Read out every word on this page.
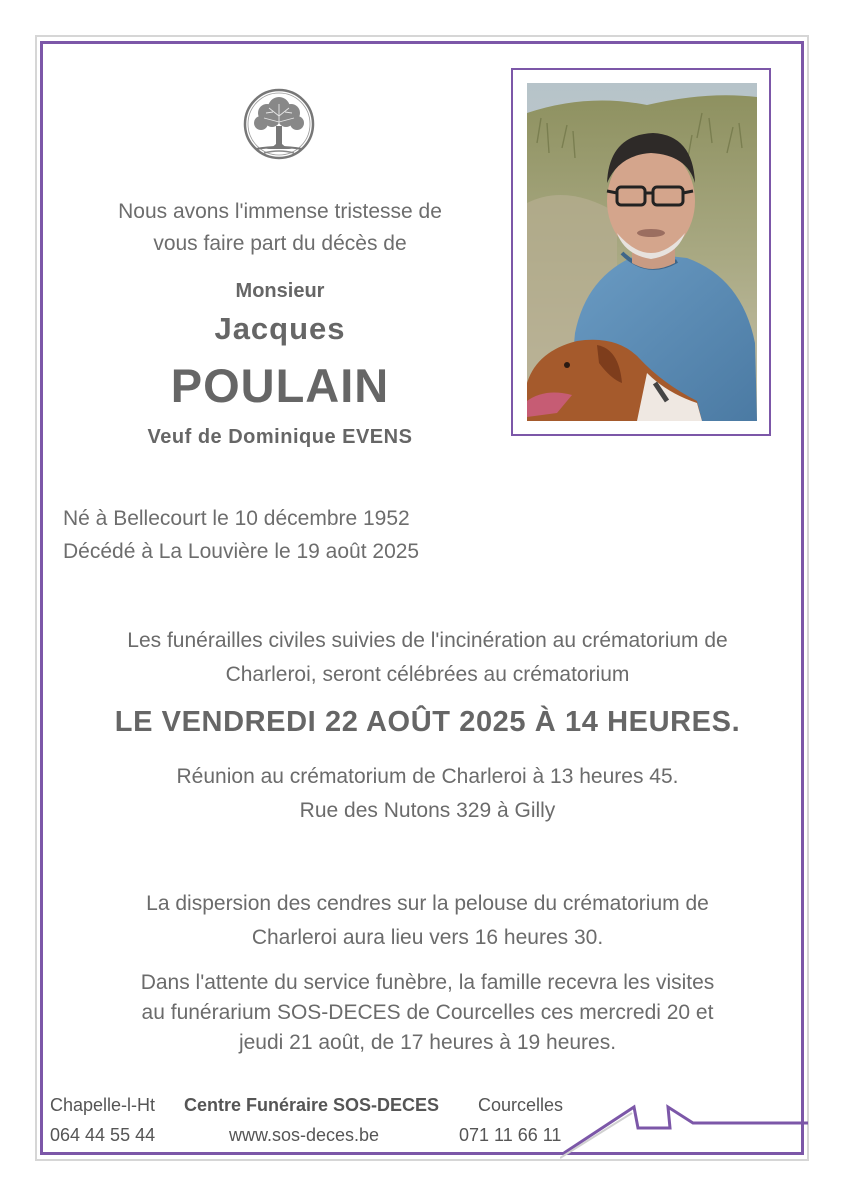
Nous avons l'immense tristesse de
vous faire part du décès de
Monsieur
Jacques
POULAIN
Veuf de Dominique EVENS
Né à Bellecourt le 10 décembre 1952
Décédé à La Louvière le 19 août 2025
Les funérailles civiles suivies de l'incinération au crématorium de
Charleroi, seront célébrées au crématorium
LE VENDREDI 22 AOÛT 2025 À 14 HEURES.
Réunion au crématorium de Charleroi à 13 heures 45.
Rue des Nutons 329 à Gilly
La dispersion des cendres sur la pelouse du crématorium de
Charleroi aura lieu vers 16 heures 30.
Dans l'attente du service funèbre, la famille recevra les visites
au funérarium SOS-DECES de Courcelles ces mercredi 20 et
jeudi 21 août, de 17 heures à 19 heures.
Chapelle-l-Ht
064 44 55 44
Centre Funéraire SOS-DECES
www.sos-deces.be
Courcelles
071 11 66 11
